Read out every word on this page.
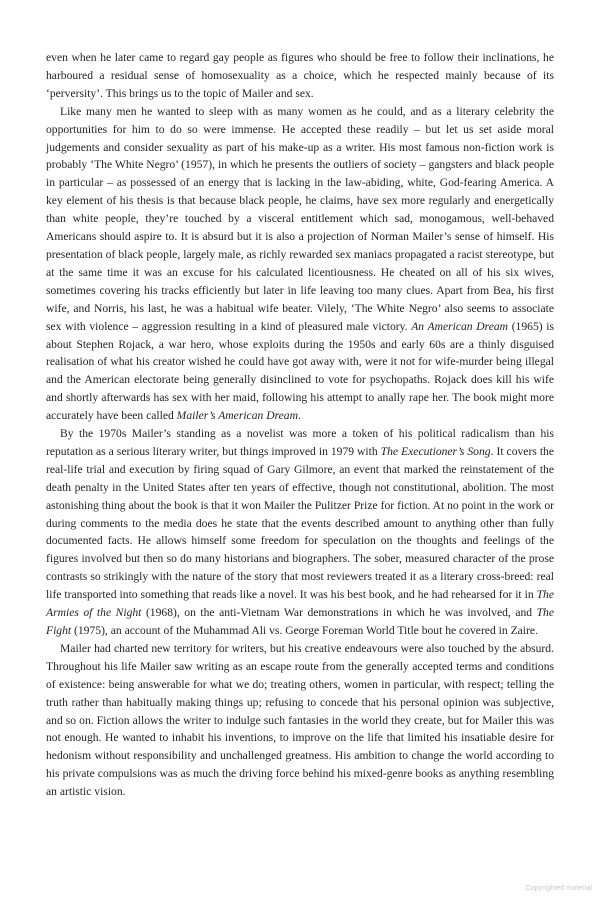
even when he later came to regard gay people as figures who should be free to follow their inclinations, he harboured a residual sense of homosexuality as a choice, which he respected mainly because of its ‘perversity’. This brings us to the topic of Mailer and sex.

Like many men he wanted to sleep with as many women as he could, and as a literary celebrity the opportunities for him to do so were immense. He accepted these readily – but let us set aside moral judgements and consider sexuality as part of his make-up as a writer. His most famous non-fiction work is probably ‘The White Negro’ (1957), in which he presents the outliers of society – gangsters and black people in particular – as possessed of an energy that is lacking in the law-abiding, white, God-fearing America. A key element of his thesis is that because black people, he claims, have sex more regularly and energetically than white people, they’re touched by a visceral entitlement which sad, monogamous, well-behaved Americans should aspire to. It is absurd but it is also a projection of Norman Mailer’s sense of himself. His presentation of black people, largely male, as richly rewarded sex maniacs propagated a racist stereotype, but at the same time it was an excuse for his calculated licentiousness. He cheated on all of his six wives, sometimes covering his tracks efficiently but later in life leaving too many clues. Apart from Bea, his first wife, and Norris, his last, he was a habitual wife beater. Vilely, ‘The White Negro’ also seems to associate sex with violence – aggression resulting in a kind of pleasured male victory. An American Dream (1965) is about Stephen Rojack, a war hero, whose exploits during the 1950s and early 60s are a thinly disguised realisation of what his creator wished he could have got away with, were it not for wife-murder being illegal and the American electorate being generally disinclined to vote for psychopaths. Rojack does kill his wife and shortly afterwards has sex with her maid, following his attempt to anally rape her. The book might more accurately have been called Mailer’s American Dream.

By the 1970s Mailer’s standing as a novelist was more a token of his political radicalism than his reputation as a serious literary writer, but things improved in 1979 with The Executioner’s Song. It covers the real-life trial and execution by firing squad of Gary Gilmore, an event that marked the reinstatement of the death penalty in the United States after ten years of effective, though not constitutional, abolition. The most astonishing thing about the book is that it won Mailer the Pulitzer Prize for fiction. At no point in the work or during comments to the media does he state that the events described amount to anything other than fully documented facts. He allows himself some freedom for speculation on the thoughts and feelings of the figures involved but then so do many historians and biographers. The sober, measured character of the prose contrasts so strikingly with the nature of the story that most reviewers treated it as a literary cross-breed: real life transported into something that reads like a novel. It was his best book, and he had rehearsed for it in The Armies of the Night (1968), on the anti-Vietnam War demonstrations in which he was involved, and The Fight (1975), an account of the Muhammad Ali vs. George Foreman World Title bout he covered in Zaire.

Mailer had charted new territory for writers, but his creative endeavours were also touched by the absurd. Throughout his life Mailer saw writing as an escape route from the generally accepted terms and conditions of existence: being answerable for what we do; treating others, women in particular, with respect; telling the truth rather than habitually making things up; refusing to concede that his personal opinion was subjective, and so on. Fiction allows the writer to indulge such fantasies in the world they create, but for Mailer this was not enough. He wanted to inhabit his inventions, to improve on the life that limited his insatiable desire for hedonism without responsibility and unchallenged greatness. His ambition to change the world according to his private compulsions was as much the driving force behind his mixed-genre books as anything resembling an artistic vision.

Copyrighted material
